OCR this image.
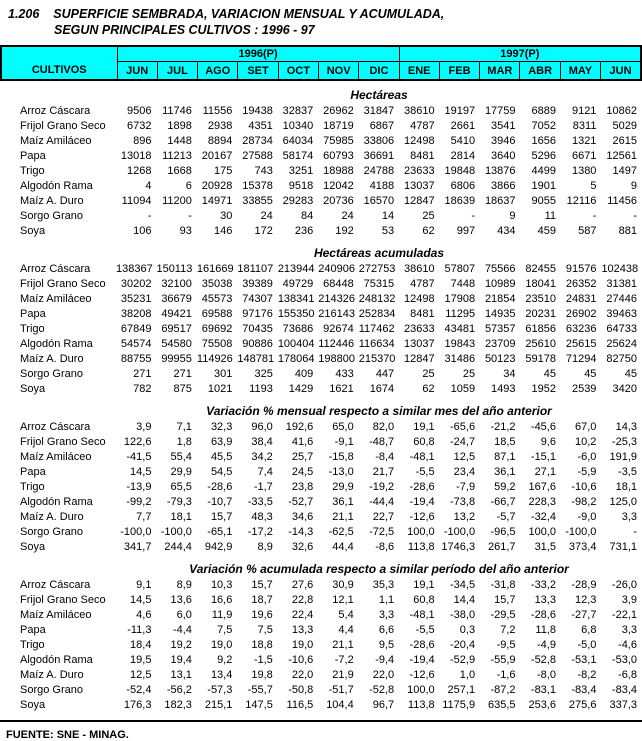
1.206 SUPERFICIE SEMBRADA, VARIACION MENSUAL Y ACUMULADA,
SEGUN PRINCIPALES CULTIVOS : 1996 - 97
CULTIVOS	1996(P)							1997(P)					
	JUN	JUL	AGO	SET	OCT	NOV	DIC	ENE	FEB	MAR	ABR	MAY	JUN
Hectáreas													

Arroz Cáscara	9506	11746	11556	19438	32837	26962	31847	38610	19197	17759	6889	9121	10862
Frijol Grano Seco	6732	1898	2938	4351	10340	18719	6867	4787	2661	3541	7052	8311	5029
Maíz Amiláceo	896	1448	8894	28734	64034	75985	33806	12498	5410	3946	1656	1321	2615
Papa	13018	11213	20167	27588	58174	60793	36691	8481	2814	3640	5296	6671	12561
Trigo	1268	1668	175	743	3251	18988	24788	23633	19848	13876	4499	1380	1497
Algodón Rama	4	6	20928	15378	9518	12042	4188	13037	6806	3866	1901	5	9
Maíz A. Duro	11094	11200	14971	33855	29283	20736	16570	12847	18639	18637	9055	12116	11456
Sorgo Grano	-	-	30	24	84	24	14	25	-	9	11	-	-
Soya	106	93	146	172	236	192	53	62	997	434	459	587	881

Hectáreas acumuladas													

Arroz Cáscara	138367	150113	161669	181107	213944	240906	272753	38610	57807	75566	82455	91576	102438
Frijol Grano Seco	30202	32100	35038	39389	49729	68448	75315	4787	7448	10989	18041	26352	31381
Maíz Amiláceo	35231	36679	45573	74307	138341	214326	248132	12498	17908	21854	23510	24831	27446
Papa	38208	49421	69588	97176	155350	216143	252834	8481	11295	14935	20231	26902	39463
Trigo	67849	69517	69692	70435	73686	92674	117462	23633	43481	57357	61856	63236	64733
Algodón Rama	54574	54580	75508	90886	100404	112446	116634	13037	19843	23709	25610	25615	25624
Maíz A. Duro	88755	99955	114926	148781	178064	198800	215370	12847	31486	50123	59178	71294	82750
Sorgo Grano	271	271	301	325	409	433	447	25	25	34	45	45	45
Soya	782	875	1021	1193	1429	1621	1674	62	1059	1493	1952	2539	3420

Variación % mensual respecto a similar mes del año anterior													

Arroz Cáscara	3,9	7,1	32,3	96,0	192,6	65,0	82,0	19,1	-65,6	-21,2	-45,6	67,0	14,3
Frijol Grano Seco	122,6	1,8	63,9	38,4	41,6	-9,1	-48,7	60,8	-24,7	18,5	9,6	10,2	-25,3
Maíz Amiláceo	-41,5	55,4	45,5	34,2	25,7	-15,8	-8,4	-48,1	12,5	87,1	-15,1	-6,0	191,9
Papa	14,5	29,9	54,5	7,4	24,5	-13,0	21,7	-5,5	23,4	36,1	27,1	-5,9	-3,5
Trigo	-13,9	65,5	-28,6	-1,7	23,8	29,9	-19,2	-28,6	-7,9	59,2	167,6	-10,6	18,1
Algodón Rama	-99,2	-79,3	-10,7	-33,5	-52,7	36,1	-44,4	-19,4	-73,8	-66,7	228,3	-98,2	125,0
Maíz A. Duro	7,7	18,1	15,7	48,3	34,6	21,1	22,7	-12,6	13,2	-5,7	-32,4	-9,0	3,3
Sorgo Grano	-100,0	-100,0	-65,1	-17,2	-14,3	-62,5	-72,5	100,0	-100,0	-96,5	100,0	-100,0	-
Soya	341,7	244,4	942,9	8,9	32,6	44,4	-8,6	113,8	1746,3	261,7	31,5	373,4	731,1

Variación % acumulada respecto a similar período del año anterior													

Arroz Cáscara	9,1	8,9	10,3	15,7	27,6	30,9	35,3	19,1	-34,5	-31,8	-33,2	-28,9	-26,0
Frijol Grano Seco	14,5	13,6	16,6	18,7	22,8	12,1	1,1	60,8	14,4	15,7	13,3	12,3	3,9
Maíz Amiláceo	4,6	6,0	11,9	19,6	22,4	5,4	3,3	-48,1	-38,0	-29,5	-28,6	-27,7	-22,1
Papa	-11,3	-4,4	7,5	7,5	13,3	4,4	6,6	-5,5	0,3	7,2	11,8	6,8	3,3
Trigo	18,4	19,2	19,0	18,8	19,0	21,1	9,5	-28,6	-20,4	-9,5	-4,9	-5,0	-4,6
Algodón Rama	19,5	19,4	9,2	-1,5	-10,6	-7,2	-9,4	-19,4	-52,9	-55,9	-52,8	-53,1	-53,0
Maíz A. Duro	12,5	13,1	13,4	19,8	22,0	21,9	22,0	-12,6	1,0	-1,6	-8,0	-8,2	-6,8
Sorgo Grano	-52,4	-56,2	-57,3	-55,7	-50,8	-51,7	-52,8	100,0	257,1	-87,2	-83,1	-83,4	-83,4
Soya	176,3	182,3	215,1	147,5	116,5	104,4	96,7	113,8	1175,9	635,5	253,6	275,6	337,3
FUENTE: SNE - MINAG.
